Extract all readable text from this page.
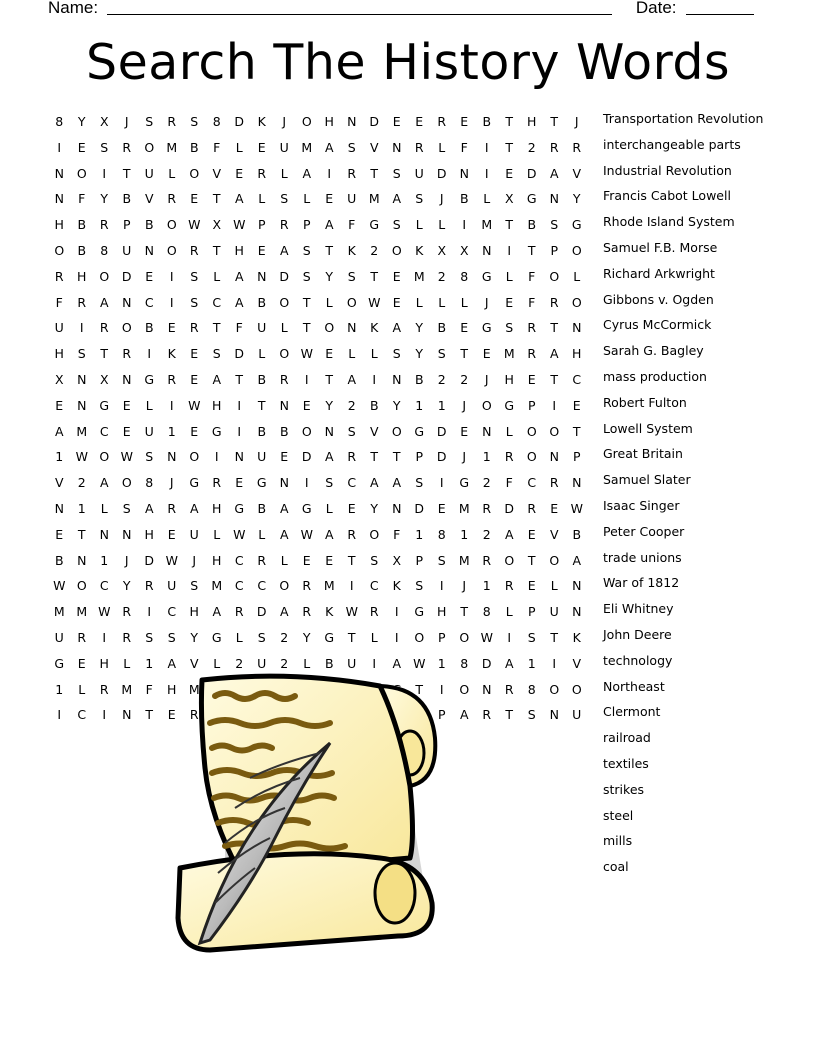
Name:	Date:
Search The History Words
8	Y	X	J	S	R	S	8	D	K	J	O	H	N	D	E	E	R	E	B	T	H	T	J
I	E	S	R	O M	B	F	L	E	U	M	A	S	V	N	R	L	F	I	T	2	R	R
N	O	I	T	U	L	O	V	E	R	L	A	I	R	T	S	U	D	N	I	E	D	A	V
N	F	Y	B	V	R	E	T	A	L	S	L	E	U	M	A	S	J	B	L	X	G	N	Y
H	B	R	P	B	O W X W	P	R	P	A	F	G	S	L	L	I	M	T	B	S	G
O	B	8	U	N	O	R	T	H	E	A	S	T	K	2	O	K	X	X	N	I	T	P	O
R	H	O	D	E	I	S	L	A	N	D	S	Y	S	T	E	M	2	8	G	L	F	O	L
F	R	A	N	C	I	S	C	A	B	O	T	L	O W E	L	L	L	J	E	F	R	O
U	I	R	O	B	E	R	T	F	U	L	T	O	N	K	A	Y	B	E	G	S	R	T	N
H	S	T	R	I	K	E	S	D	L	O W E	L	L	S	Y	S	T	E	M	R	A	H
X	N	X	N	G	R	E	A	T	B	R	I	T	A	I	N	B	2	2	J	H	E	T	C
E	N	G	E	L	I	W H	I	T	N	E	Y	2	B	Y	1	1	J	O	G	P	I	E
A	M	C	E	U	1	E	G	I	B	B	O	N	S	V	O	G	D	E	N	L	O	O	T
1 W O W S	N	O	I	N	U	E	D	A	R	T	T	P	D	J	1	R	O	N	P
V	2	A	O	8	J	G	R	E	G	N	I	S	C	A	A	S	I	G	2	F	C	R	N
N	1	L	S	A	R	A	H	G	B	A	G	L	E	Y	N	D	E	M	R	D	R	E W
E	T	N	N	H	E	U	L	W	L	A W A	R	O	F	1	8	1	2	A	E	V	B
B	N	1	J	D W	J	H	C	R	L	E	E	T	S	X	P	S	M	R	O	T	O	A
W O	C	Y	R	U	S	M	C	C	O	R	M	I	C	K	S	I	J	1	R	E	L	N
M M W R	I	C	H	A	R	D	A	R	K W R	I	G	H	T	8	L	P	U	N
U	R	I	R	S	S	Y	G	L	S	2	Y	G	T	L	I	O	P	O W	I	S	T	K
G	E	H	L	1	A	V	L	2	U	2	L	B	U	I	A W 1	8	D	A	1	I	V
1	L	R	M	F	H M	T	I	O	N	R	8	O	O
I	C	I	N	T	E	R	P	A	R	T	S	N	U
Transportation Revolution
interchangeable parts
Industrial Revolution
Francis Cabot Lowell
Rhode Island System
Samuel F.B. Morse
Richard Arkwright
Gibbons v. Ogden
Cyrus McCormick
Sarah G. Bagley
mass production
Robert Fulton
Lowell System
Great Britain
Samuel Slater
Isaac Singer
Peter Cooper
trade unions
War of 1812
Eli Whitney
John Deere
technology
Northeast
Clermont
railroad
textiles
strikes
steel
mills
coal
